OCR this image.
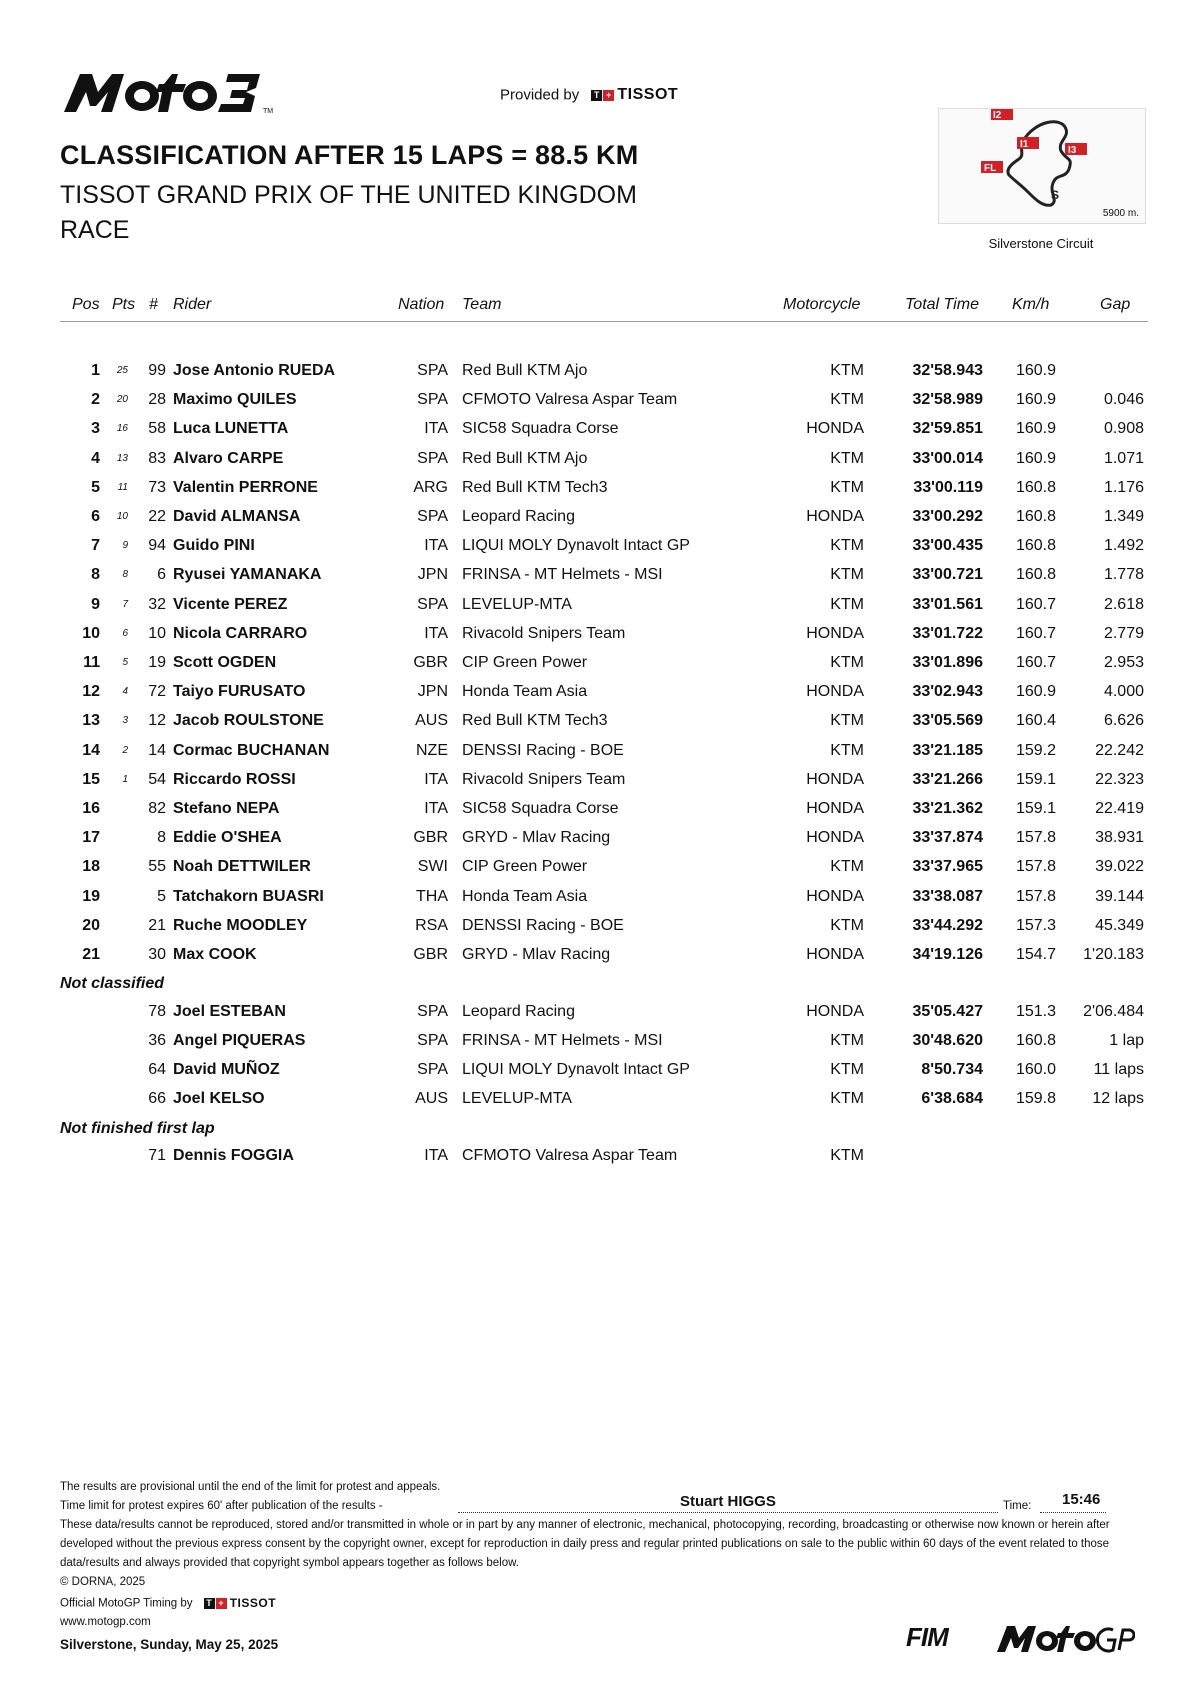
TM
Provided by T + TISSOT
CLASSIFICATION AFTER 15 LAPS = 88.5 KM
TISSOT GRAND PRIX OF THE UNITED KINGDOM
RACE
I2
I1
I3
FL
S
5900 m.
Silverstone Circuit
Pos Pts # Rider	Nation Team	Motorcycle	Total Time Km/h	Gap
1	25	99 Jose Antonio RUEDA	SPA Red Bull KTM Ajo	KTM	32'58.943	160.9
2	20	28 Maximo QUILES	SPA CFMOTO Valresa Aspar Team	KTM	32'58.989	160.9	0.046
3	16	58 Luca LUNETTA	ITA SIC58 Squadra Corse	HONDA	32'59.851	160.9	0.908
4	13	83 Alvaro CARPE	SPA Red Bull KTM Ajo	KTM	33'00.014	160.9	1.071
5	11	73 Valentin PERRONE	ARG Red Bull KTM Tech3	KTM	33'00.119	160.8	1.176
6	10	22 David ALMANSA	SPA Leopard Racing	HONDA	33'00.292	160.8	1.349
7	9	94 Guido PINI	ITA LIQUI MOLY Dynavolt Intact GP	KTM	33'00.435	160.8	1.492
8	8	6 Ryusei YAMANAKA	JPN FRINSA - MT Helmets - MSI	KTM	33'00.721	160.8	1.778
9	7	32 Vicente PEREZ	SPA LEVELUP-MTA	KTM	33'01.561	160.7	2.618
10	6	10 Nicola CARRARO	ITA Rivacold Snipers Team	HONDA	33'01.722	160.7	2.779
11	5	19 Scott OGDEN	GBR CIP Green Power	KTM	33'01.896	160.7	2.953
12	4	72 Taiyo FURUSATO	JPN Honda Team Asia	HONDA	33'02.943	160.9	4.000
13	3	12 Jacob ROULSTONE	AUS Red Bull KTM Tech3	KTM	33'05.569	160.4	6.626
14	2	14 Cormac BUCHANAN	NZE DENSSI Racing - BOE	KTM	33'21.185	159.2	22.242
15	1	54 Riccardo ROSSI	ITA Rivacold Snipers Team	HONDA	33'21.266	159.1	22.323
16	82 Stefano NEPA	ITA SIC58 Squadra Corse	HONDA	33'21.362	159.1	22.419
17	8 Eddie O'SHEA	GBR GRYD - Mlav Racing	HONDA	33'37.874	157.8	38.931
18	55 Noah DETTWILER	SWI CIP Green Power	KTM	33'37.965	157.8	39.022
19	5 Tatchakorn BUASRI	THA Honda Team Asia	HONDA	33'38.087	157.8	39.144
20	21 Ruche MOODLEY	RSA DENSSI Racing - BOE	KTM	33'44.292	157.3	45.349
21	30 Max COOK	GBR GRYD - Mlav Racing	HONDA	34'19.126	154.7	1'20.183
Not classified
78 Joel ESTEBAN	SPA Leopard Racing	HONDA	35'05.427	151.3	2'06.484
36 Angel PIQUERAS	SPA FRINSA - MT Helmets - MSI	KTM	30'48.620	160.8	1 lap
64 David MUÑOZ	SPA LIQUI MOLY Dynavolt Intact GP	KTM	8'50.734	160.0	11 laps
66 Joel KELSO	AUS LEVELUP-MTA	KTM	6'38.684	159.8	12 laps
Not finished first lap
71 Dennis FOGGIA	ITA CFMOTO Valresa Aspar Team	KTM
The results are provisional until the end of the limit for protest and appeals.
Time limit for protest expires 60' after publication of the results -	Stuart HIGGS	Time: 15:46
These data/results cannot be reproduced, stored and/or transmitted in whole or in part by any manner of electronic, mechanical, photocopying, recording, broadcasting or otherwise now known or herein after developed without the previous express consent by the copyright owner, except for reproduction in daily press and regular printed publications on sale to the public within 60 days of the event related to those data/results and always provided that copyright symbol appears together as follows below.
© DORNA, 2025
Official MotoGP Timing by T + TISSOT
www.motogp.com
Silverstone, Sunday, May 25, 2025	FIM
